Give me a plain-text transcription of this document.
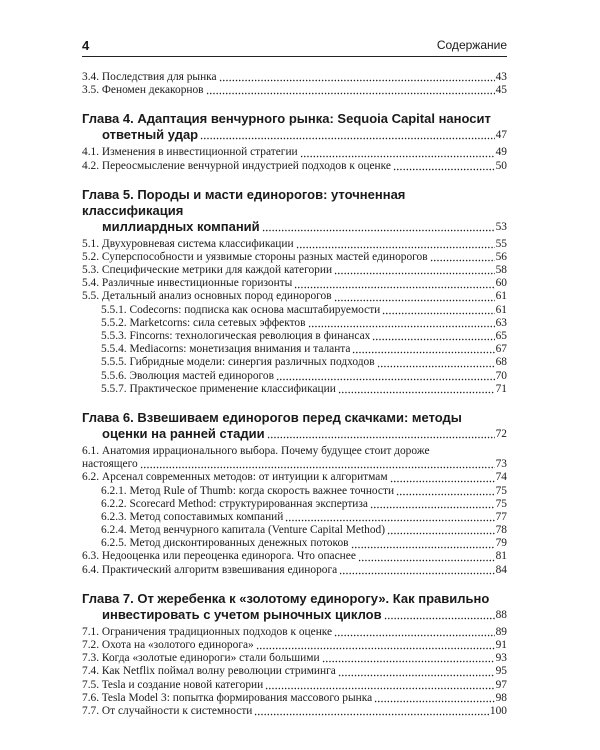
4	Содержание
3.4. Последствия для рынка	43
3.5. Феномен декакорнов	45
Глава 4. Адаптация венчурного рынка: Sequoia Capital наносит
ответный удар	47
4.1. Изменения в инвестиционной стратегии	49
4.2. Переосмысление венчурной индустрией подходов к оценке	50
Глава 5. Породы и масти единорогов: уточненная классификация
миллиардных компаний	53
5.1. Двухуровневая система классификации	55
5.2. Суперспособности и уязвимые стороны разных мастей единорогов	56
5.3. Специфические метрики для каждой категории	58
5.4. Различные инвестиционные горизонты	60
5.5. Детальный анализ основных пород единорогов	61
5.5.1. Codecorns: подписка как основа масштабируемости	61
5.5.2. Marketcorns: сила сетевых эффектов	63
5.5.3. Fincorns: технологическая революция в финансах	65
5.5.4. Mediacorns: монетизация внимания и таланта	67
5.5.5. Гибридные модели: синергия различных подходов	68
5.5.6. Эволюция мастей единорогов	70
5.5.7. Практическое применение классификации	71
Глава 6. Взвешиваем единорогов перед скачками: методы
оценки на ранней стадии	72
6.1. Анатомия иррационального выбора. Почему будущее стоит дороже
настоящего	73
6.2. Арсенал современных методов: от интуиции к алгоритмам	74
6.2.1. Метод Rule of Thumb: когда скорость важнее точности	75
6.2.2. Scorecard Method: структурированная экспертиза	75
6.2.3. Метод сопоставимых компаний	77
6.2.4. Метод венчурного капитала (Venture Capital Method)	78
6.2.5. Метод дисконтированных денежных потоков	79
6.3. Недооценка или переоценка единорога. Что опаснее	81
6.4. Практический алгоритм взвешивания единорога	84
Глава 7. От жеребенка к «золотому единорогу». Как правильно
инвестировать с учетом рыночных циклов	88
7.1. Ограничения традиционных подходов к оценке	89
7.2. Охота на «золотого единорога»	91
7.3. Когда «золотые единороги» стали большими	93
7.4. Как Netflix поймал волну революции стриминга	95
7.5. Tesla и создание новой категории	97
7.6. Tesla Model 3: попытка формирования массового рынка	98
7.7. От случайности к системности	100
